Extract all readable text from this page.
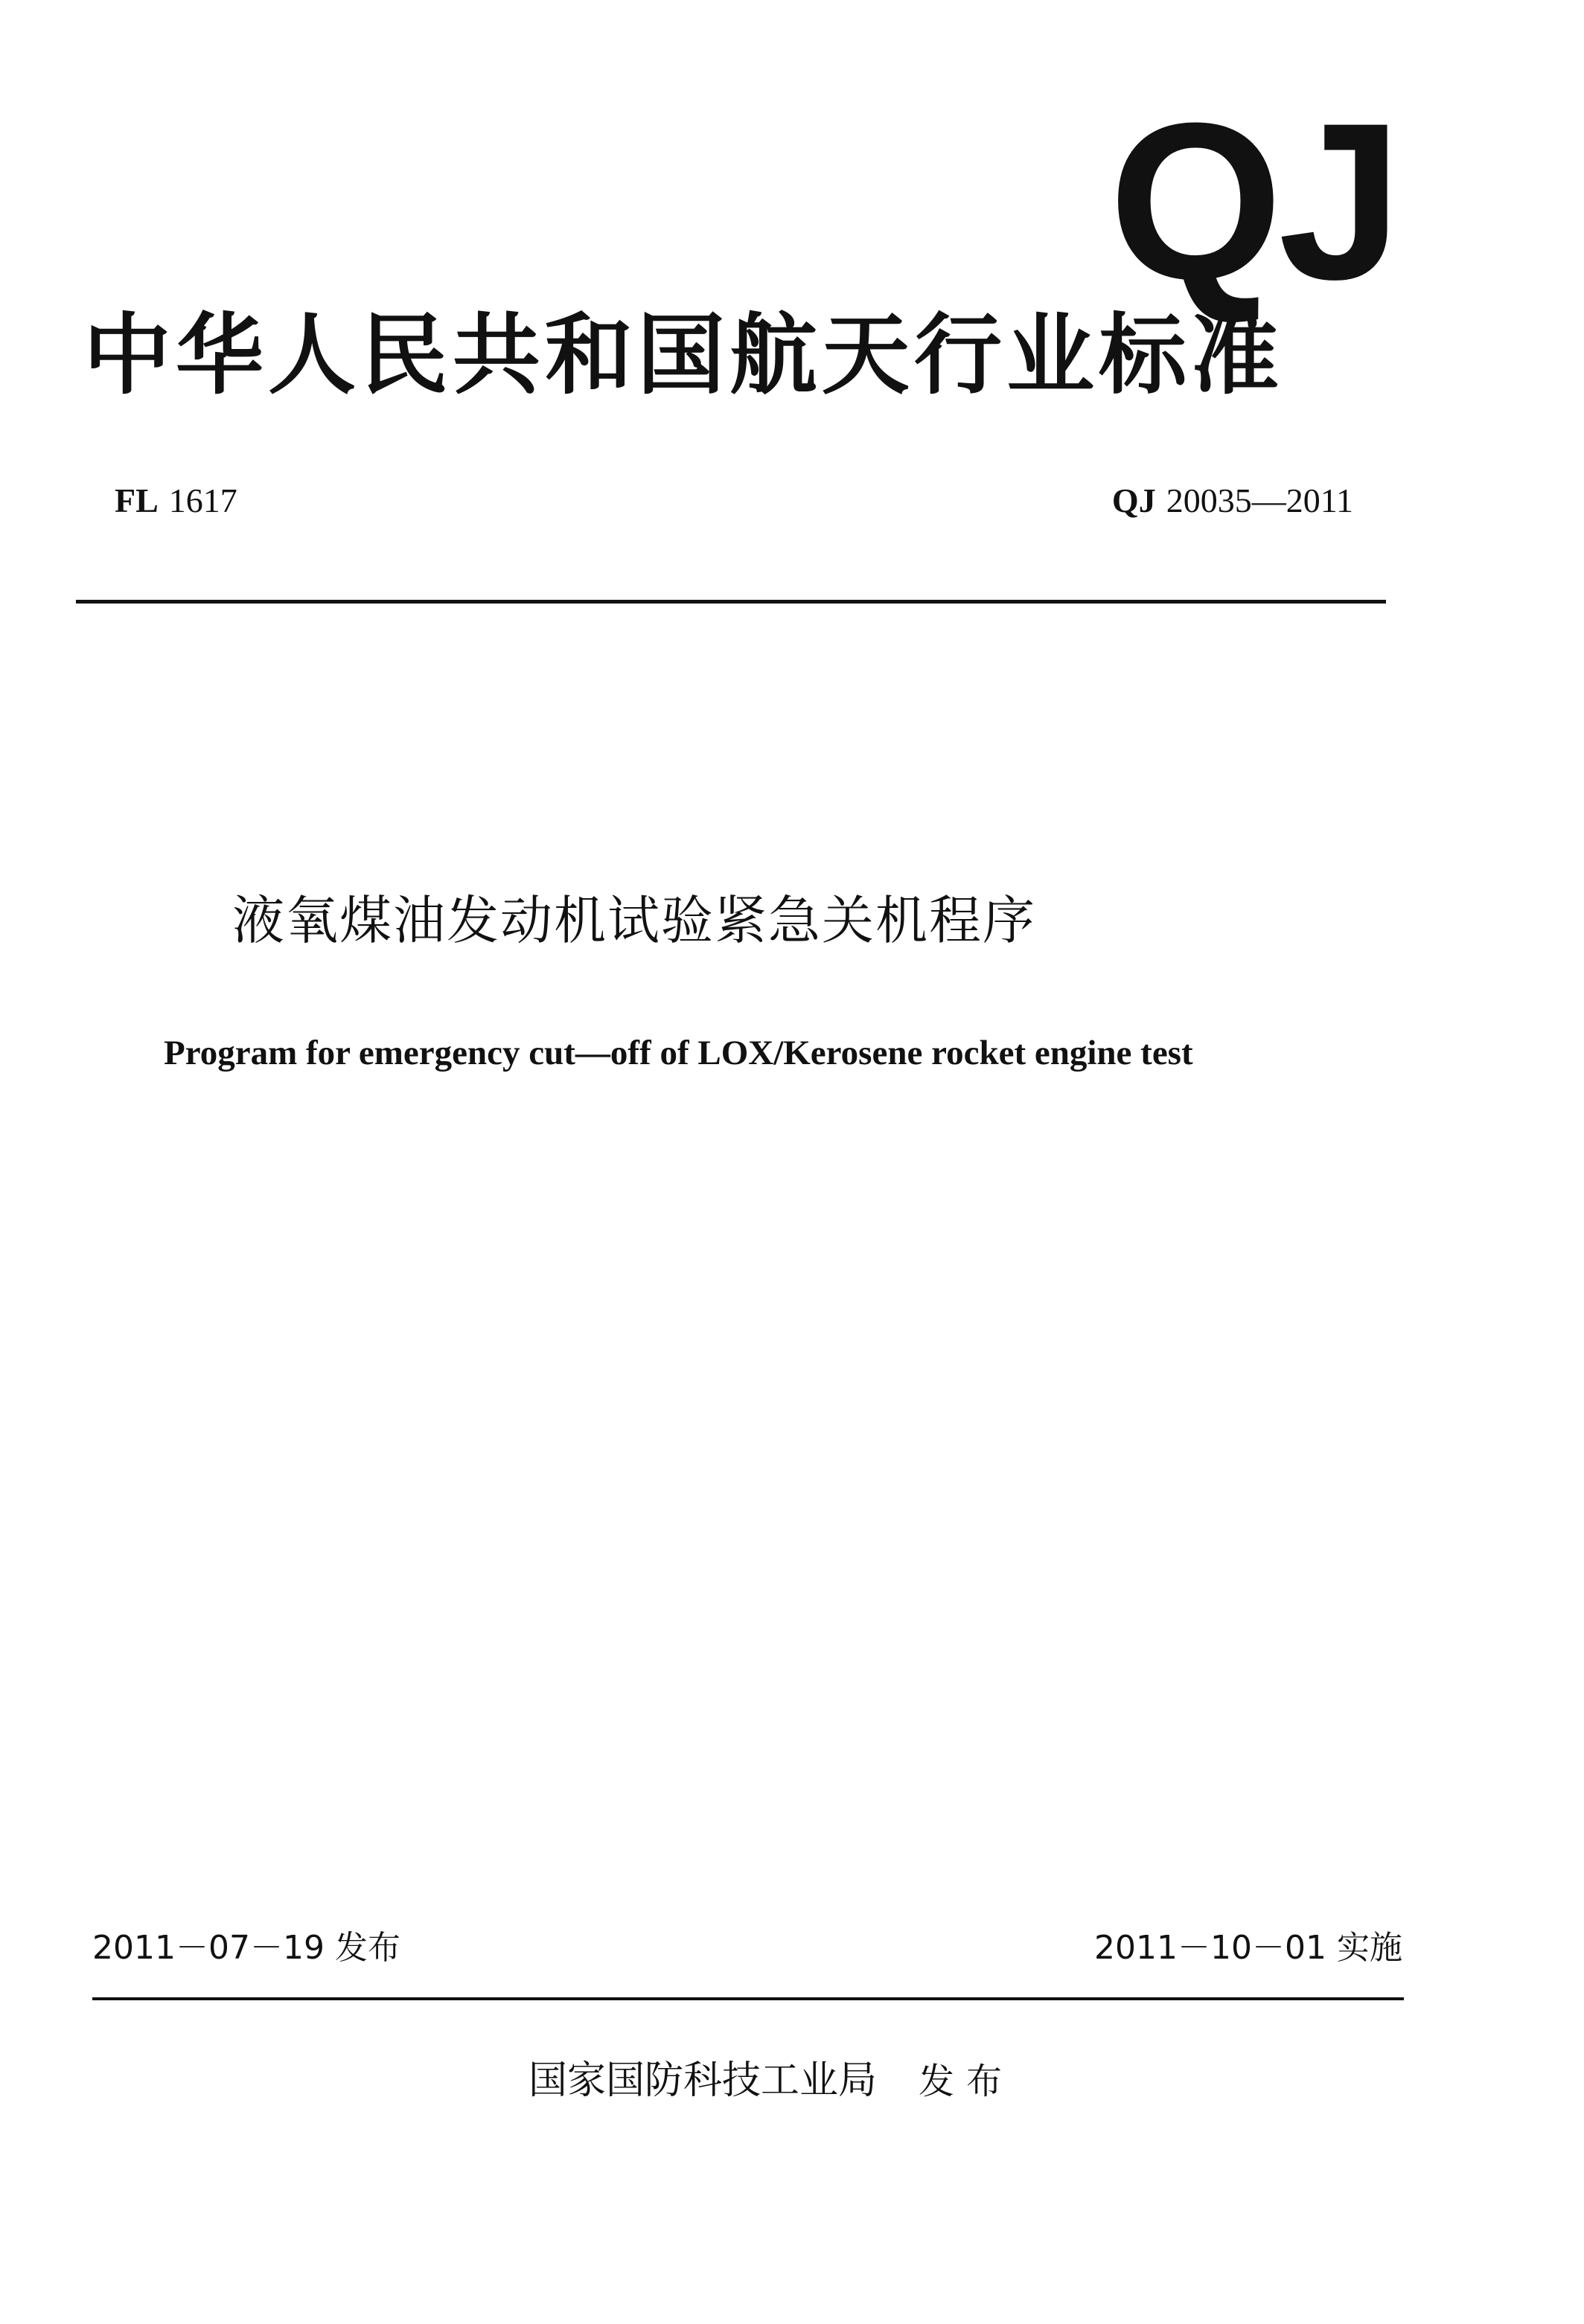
QJ
中华人民共和国航天行业标准
FL 1617	QJ 20035—2011
液氧煤油发动机试验紧急关机程序
Program for emergency cut—off of LOX/Kerosene rocket engine test
2011－07－19 发布	2011－10－01 实施
国家国防科技工业局 发布
